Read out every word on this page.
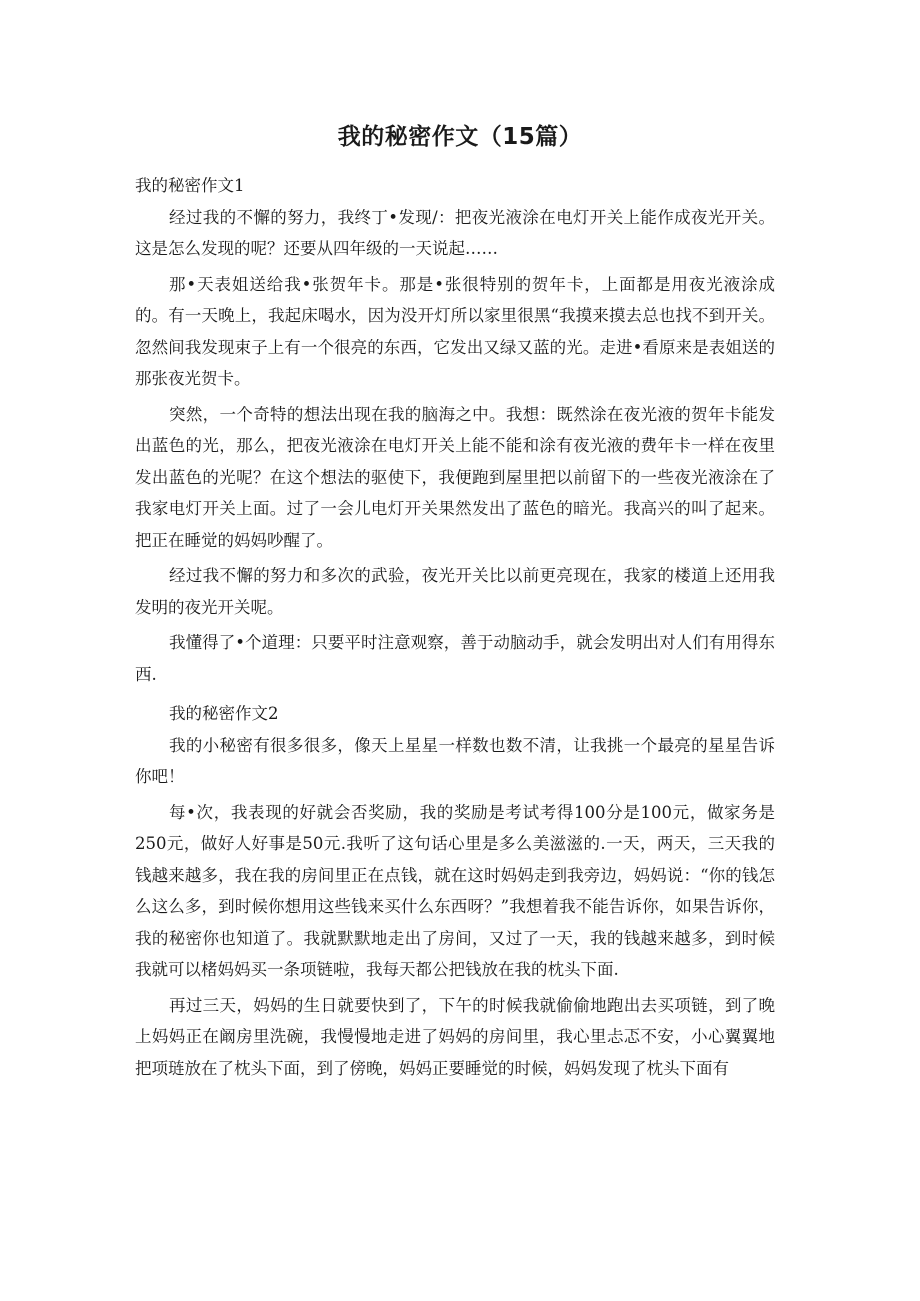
我的秘密作文（15篇）
我的秘密作文1

经过我的不懈的努力，我终丁•发现/：把夜光液涂在电灯开关上能作成夜光开关。这是怎么发现的呢？还要从四年级的一天说起……

那•天表姐送给我•张贺年卡。那是•张很特别的贺年卡，上面都是用夜光液涂成的。有一天晚上，我起床喝水，因为没开灯所以家里很黑“我摸来摸去总也找不到开关。忽然间我发现束子上有一个很亮的东西，它发出又绿又蓝的光。走进•看原来是表姐送的那张夜光贺卡。

突然，一个奇特的想法出现在我的脑海之中。我想：既然涂在夜光液的贺年卡能发出蓝色的光，那么，把夜光液涂在电灯开关上能不能和涂有夜光液的费年卡一样在夜里发出蓝色的光呢？在这个想法的驱使下，我便跑到屋里把以前留下的一些夜光液涂在了我家电灯开关上面。过了一会儿电灯开关果然发出了蓝色的暗光。我高兴的叫了起来。把正在睡觉的妈妈吵醒了。

经过我不懈的努力和多次的武验，夜光开关比以前更亮现在，我家的楼道上还用我发明的夜光开关呢。

我懂得了•个道理：只要平时注意观察，善于动脑动手，就会发明出对人们有用得东西.

我的秘密作文2

我的小秘密有很多很多，像天上星星一样数也数不清，让我挑一个最亮的星星告诉你吧！

每•次，我表现的好就会否奖励，我的奖励是考试考得100分是100元，做家务是250元，做好人好事是50元.我听了这句话心里是多么美滋滋的.一天，两天，三天我的钱越来越多，我在我的房间里正在点钱，就在这时妈妈走到我旁边，妈妈说：“你的钱怎么这么多，到时候你想用这些钱来买什么东西呀？”我想着我不能告诉你，如果告诉你，我的秘密你也知道了。我就默默地走出了房间，又过了一天，我的钱越来越多，到时候我就可以楮妈妈买一条项链啦，我每天都公把钱放在我的枕头下面.

再过三天，妈妈的生日就要快到了，下午的时候我就偷偷地跑出去买项链，到了晚上妈妈正在阚房里洗碗，我慢慢地走进了妈妈的房间里，我心里忐忑不安，小心翼翼地把项琏放在了枕头下面，到了傍晚，妈妈正要睡觉的时候，妈妈发现了枕头下面有
